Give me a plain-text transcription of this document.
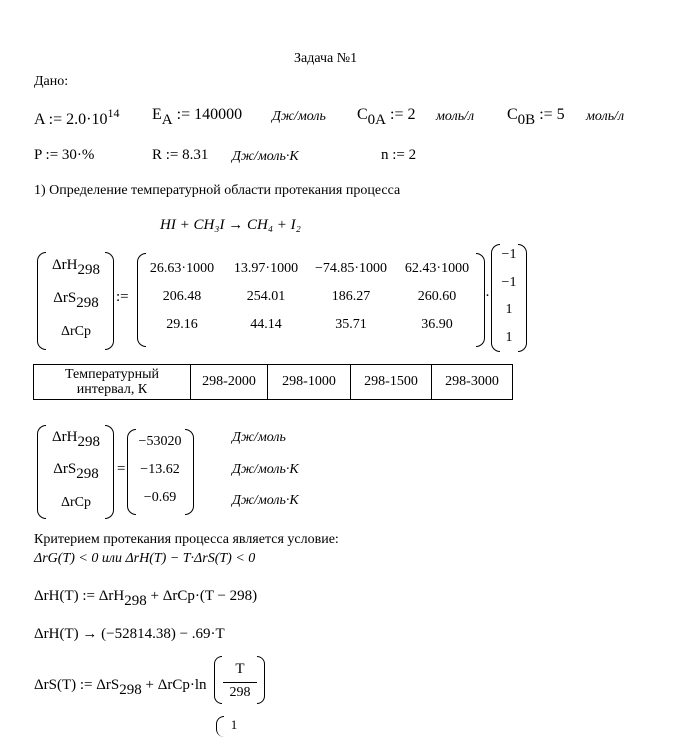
Задача №1
Дано:
A := $2.0\cdot 10^{14}$ $E_A$ := 140000 Дж/моль $C_{0A}$ := 2 моль/л $C_{0B}$ := 5 моль/л
P := 30·%	R := 8.31 Дж/моль·К	n := 2
1) Определение температурной области протекания процесса
HI + CH₃I → CH₄ + I₂
ΔrH$_{298}$
ΔrS$_{298}$
ΔrCp
:=
26.63·1000	13.97·1000	−74.85·1000	62.43·1000
206.48	254.01	186.27	260.60
29.16	44.14	35.71	36.90
·
−1
−1
1
1
Температурный интервал, К	298-2000	298-1000	298-1500	298-3000
ΔrH$_{298}$
ΔrS$_{298}$
ΔrCp
=
−53020
−13.62
−0.69
Дж/моль
Дж/моль·К
Дж/моль·К
Критерием протекания процесса является условие:
ΔrG(T) < 0 или ΔrH(T) − T·ΔrS(T) < 0
ΔrH(T) := ΔrH$_{298}$ + ΔrCp·(T − 298)
ΔrH(T) → (−52814.38) − .69·T
ΔrS(T) := ΔrS$_{298}$ + ΔrCp·ln
T
298
1
